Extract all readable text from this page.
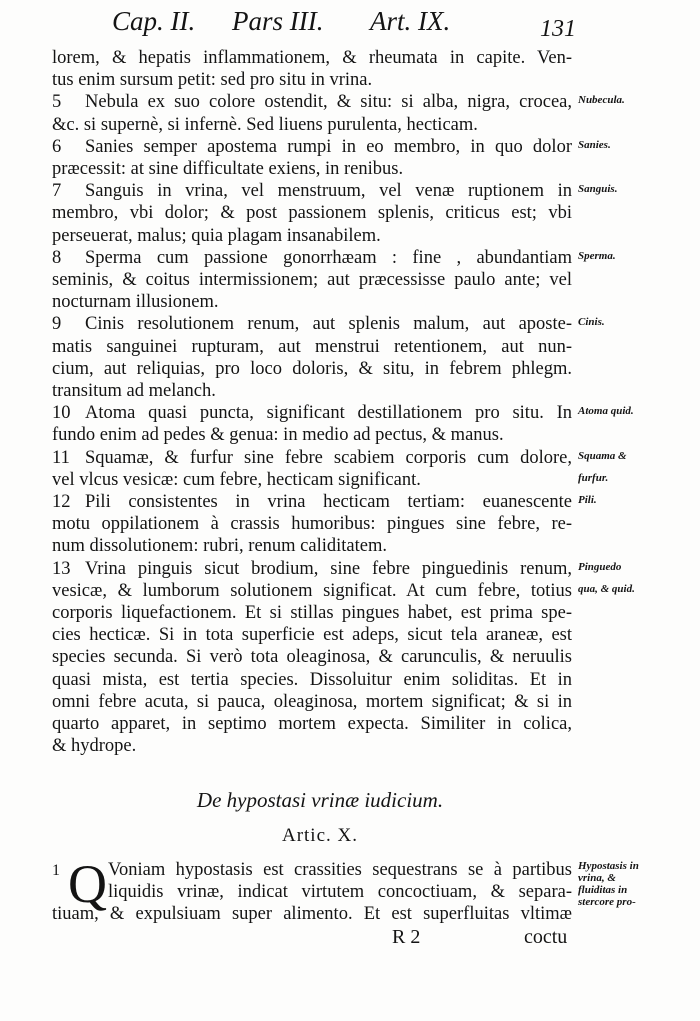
Cap. II. Pars III. Art. IX.	131
lorem, & hepatis inflammationem, & rheumata in capite. Ven-
tus enim sursum petit: sed pro situ in vrina.
5 Nebula ex suo colore ostendit, & situ: si alba, nigra, crocea,
&c. si supernè, si infernè. Sed liuens purulenta, hecticam.
6 Sanies semper apostema rumpi in eo membro, in quo dolor
præcessit: at sine difficultate exiens, in renibus.
7 Sanguis in vrina, vel menstruum, vel venæ ruptionem in
membro, vbi dolor; & post passionem splenis, criticus est; vbi
perseuerat, malus; quia plagam insanabilem.
8 Sperma cum passione gonorrhæam : fine , abundantiam
seminis, & coitus intermissionem; aut præcessisse paulo ante; vel
nocturnam illusionem.
9 Cinis resolutionem renum, aut splenis malum, aut aposte-
matis sanguinei rupturam, aut menstrui retentionem, aut nun-
cium, aut reliquias, pro loco doloris, & situ, in febrem phlegm.
transitum ad melanch.
10 Atoma quasi puncta, significant destillationem pro situ. In
fundo enim ad pedes & genua: in medio ad pectus, & manus.
11 Squamæ, & furfur sine febre scabiem corporis cum dolore,
vel vlcus vesicæ: cum febre, hecticam significant.
12 Pili consistentes in vrina hecticam tertiam: euanescente
motu oppilationem à crassis humoribus: pingues sine febre, re-
num dissolutionem: rubri, renum caliditatem.
13 Vrina pinguis sicut brodium, sine febre pinguedinis renum,
vesicæ, & lumborum solutionem significat. At cum febre, totius
corporis liquefactionem. Et si stillas pingues habet, est prima spe-
cies hecticæ. Si in tota superficie est adeps, sicut tela araneæ, est
species secunda. Si verò tota oleaginosa, & carunculis, & neruulis
quasi mista, est tertia species. Dissoluitur enim soliditas. Et in
omni febre acuta, si pauca, oleaginosa, mortem significat; & si in
quarto apparet, in septimo mortem expecta. Similiter in colica,
& hydrope.
Nubecula.
Sanies.
Sanguis.
Sperma.
Cinis.
Atoma quid.
Squama &
furfur.
Pili.
Pinguedo
qua, & quid.
De hypostasi vrinæ iudicium.
Artic. X.
1 Q Voniam hypostasis est crassities sequestrans se à partibus
liquidis vrinæ, indicat virtutem concoctiuam, & separa-
tiuam, & expulsiuam super alimento. Et est superfluitas vltimæ
Hypostasis in
vrina, &
fluiditas in
stercore pro-
R 2	coctu
